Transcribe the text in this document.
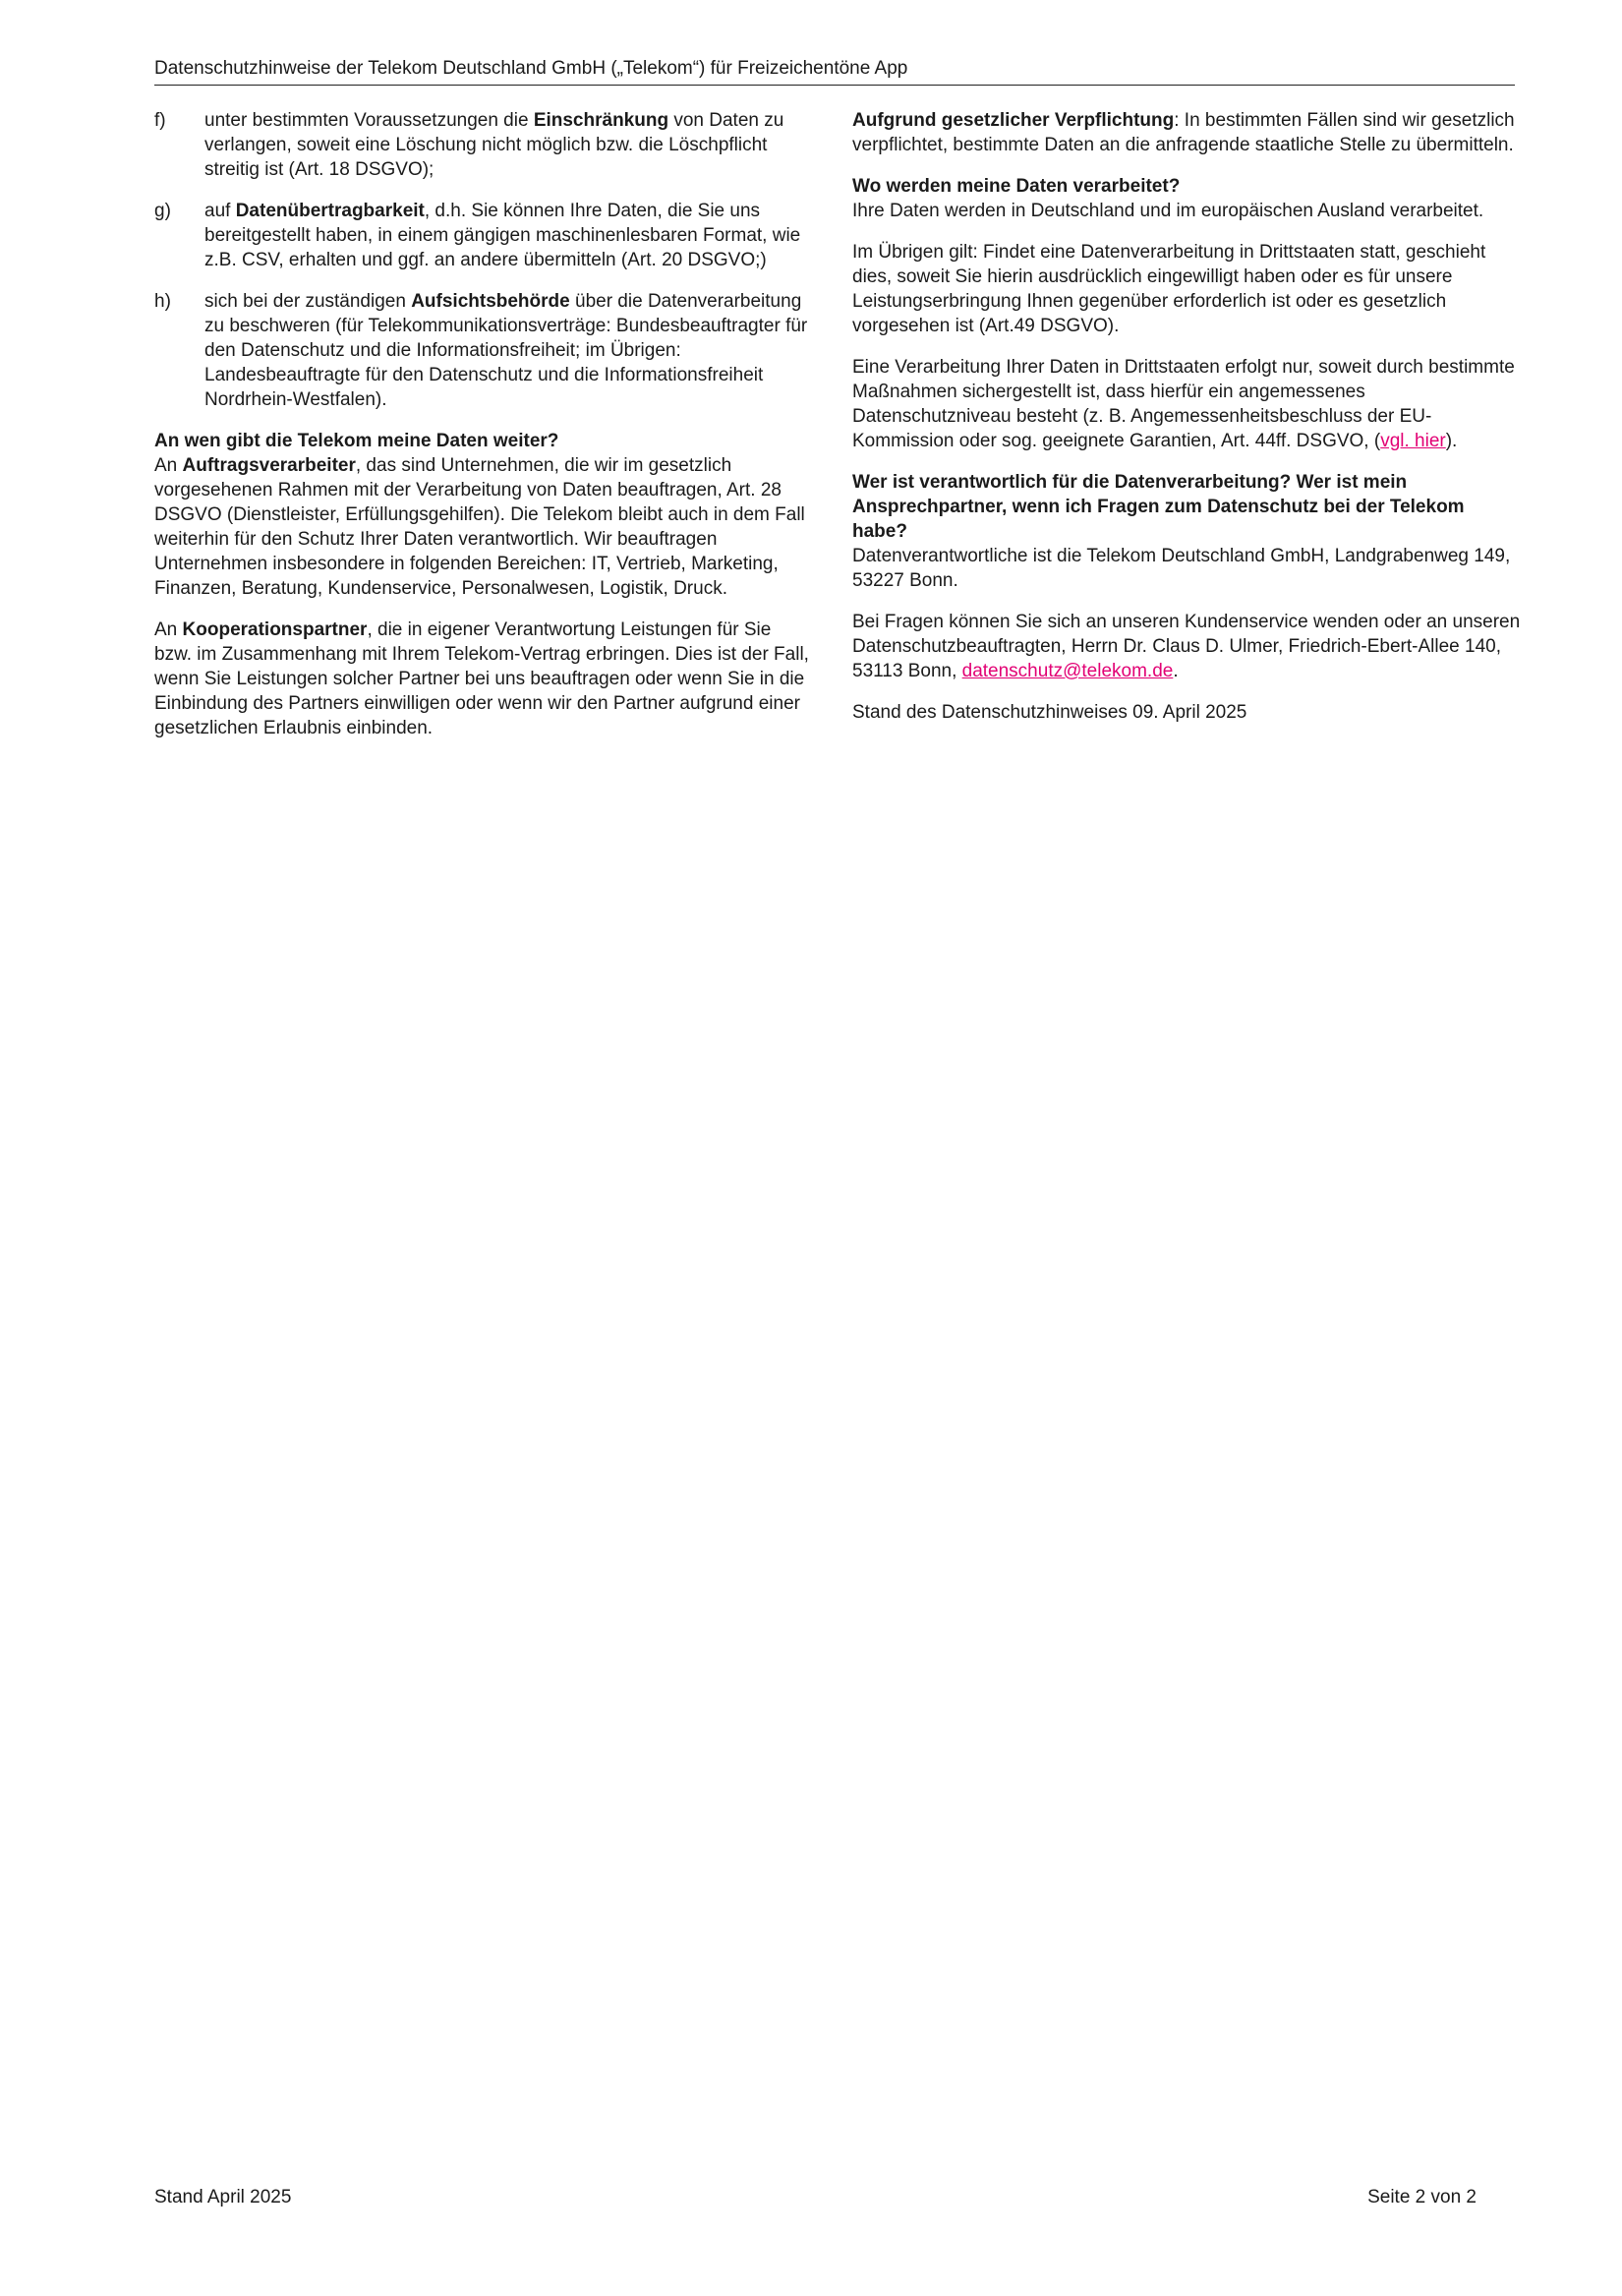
Datenschutzhinweise der Telekom Deutschland GmbH („Telekom“) für Freizeichentöne App
f)	unter bestimmten Voraussetzungen die Einschränkung von Daten zu verlangen, soweit eine Löschung nicht möglich bzw. die Löschpflicht streitig ist (Art. 18 DSGVO);
g)	auf Datenübertragbarkeit, d.h. Sie können Ihre Daten, die Sie uns bereitgestellt haben, in einem gängigen maschinenlesbaren Format, wie z.B. CSV, erhalten und ggf. an andere übermitteln (Art. 20 DSGVO;)
h)	sich bei der zuständigen Aufsichtsbehörde über die Datenverarbeitung zu beschweren (für Telekommunikationsverträge: Bundesbeauftragter für den Datenschutz und die Informationsfreiheit; im Übrigen: Landesbeauftragte für den Datenschutz und die Informationsfreiheit Nordrhein-Westfalen).

An wen gibt die Telekom meine Daten weiter?
An Auftragsverarbeiter, das sind Unternehmen, die wir im gesetzlich vorgesehenen Rahmen mit der Verarbeitung von Daten beauftragen, Art. 28 DSGVO (Dienstleister, Erfüllungsgehilfen). Die Telekom bleibt auch in dem Fall weiterhin für den Schutz Ihrer Daten verantwortlich. Wir beauftragen Unternehmen insbesondere in folgenden Bereichen: IT, Vertrieb, Marketing, Finanzen, Beratung, Kundenservice, Personalwesen, Logistik, Druck.

An Kooperationspartner, die in eigener Verantwortung Leistungen für Sie bzw. im Zusammenhang mit Ihrem Telekom-Vertrag erbringen. Dies ist der Fall, wenn Sie Leistungen solcher Partner bei uns beauftragen oder wenn Sie in die Einbindung des Partners einwilligen oder wenn wir den Partner aufgrund einer gesetzlichen Erlaubnis einbinden.

Aufgrund gesetzlicher Verpflichtung: In bestimmten Fällen sind wir gesetzlich verpflichtet, bestimmte Daten an die anfragende staatliche Stelle zu übermitteln.

Wo werden meine Daten verarbeitet?
Ihre Daten werden in Deutschland und im europäischen Ausland verarbeitet.

Im Übrigen gilt: Findet eine Datenverarbeitung in Drittstaaten statt, geschieht dies, soweit Sie hierin ausdrücklich eingewilligt haben oder es für unsere Leistungserbringung Ihnen gegenüber erforderlich ist oder es gesetzlich vorgesehen ist (Art.49 DSGVO).

Eine Verarbeitung Ihrer Daten in Drittstaaten erfolgt nur, soweit durch bestimmte Maßnahmen sichergestellt ist, dass hierfür ein angemessenes Datenschutzniveau besteht (z. B. Angemessenheitsbeschluss der EU-Kommission oder sog. geeignete Garantien, Art. 44ff. DSGVO, (vgl. hier).

Wer ist verantwortlich für die Datenverarbeitung? Wer ist mein Ansprechpartner, wenn ich Fragen zum Datenschutz bei der Telekom habe?
Datenverantwortliche ist die Telekom Deutschland GmbH, Landgrabenweg 149, 53227 Bonn.

Bei Fragen können Sie sich an unseren Kundenservice wenden oder an unseren Datenschutzbeauftragten, Herrn Dr. Claus D. Ulmer, Friedrich-Ebert-Allee 140, 53113 Bonn, datenschutz@telekom.de.

Stand des Datenschutzhinweises 09. April 2025

Stand April 2025	Seite 2 von 2
